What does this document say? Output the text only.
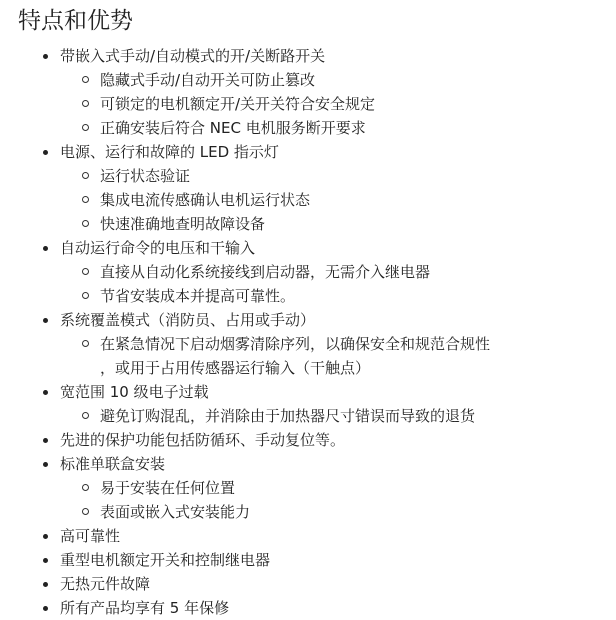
特点和优势
带嵌入式手动/自动模式的开/关断路开关
隐藏式手动/自动开关可防止篡改
可锁定的电机额定开/关开关符合安全规定
正确安装后符合 NEC 电机服务断开要求
电源、运行和故障的 LED 指示灯
运行状态验证
集成电流传感确认电机运行状态
快速准确地查明故障设备
自动运行命令的电压和干输入
直接从自动化系统接线到启动器，无需介入继电器
节省安装成本并提高可靠性。
系统覆盖模式（消防员、占用或手动）
在紧急情况下启动烟雾清除序列，以确保安全和规范合规性
，或用于占用传感器运行输入（干触点）
宽范围 10 级电子过载
避免订购混乱，并消除由于加热器尺寸错误而导致的退货
先进的保护功能包括防循环、手动复位等。
标准单联盒安装
易于安装在任何位置
表面或嵌入式安装能力
高可靠性
重型电机额定开关和控制继电器
无热元件故障
所有产品均享有 5 年保修
